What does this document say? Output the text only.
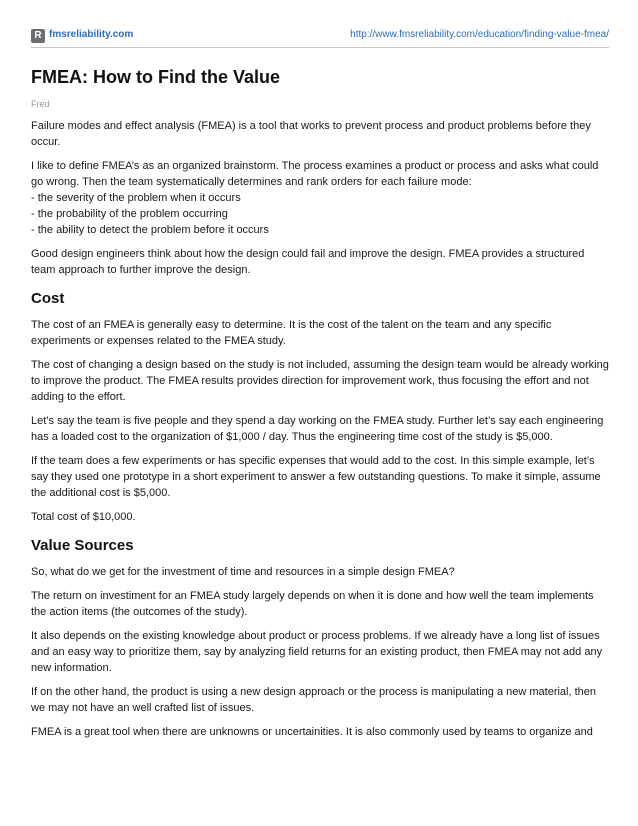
R fmsreliability.com	http://www.fmsreliability.com/education/finding-value-fmea/
FMEA: How to Find the Value
Fred

Failure modes and effect analysis (FMEA) is a tool that works to prevent process and product problems before they occur.

I like to define FMEA’s as an organized brainstorm. The process examines a product or process and asks what could go wrong. Then the team systematically determines and rank orders for each failure mode:
- the severity of the problem when it occurs
- the probability of the problem occurring
- the ability to detect the problem before it occurs

Good design engineers think about how the design could fail and improve the design. FMEA provides a structured team approach to further improve the design.

Cost

The cost of an FMEA is generally easy to determine. It is the cost of the talent on the team and any specific experiments or expenses related to the FMEA study.

The cost of changing a design based on the study is not included, assuming the design team would be already working to improve the product. The FMEA results provides direction for improvement work, thus focusing the effort and not adding to the effort.

Let’s say the team is five people and they spend a day working on the FMEA study. Further let’s say each engineering has a loaded cost to the organization of $1,000 / day. Thus the engineering time cost of the study is $5,000.

If the team does a few experiments or has specific expenses that would add to the cost. In this simple example, let’s say they used one prototype in a short experiment to answer a few outstanding questions. To make it simple, assume the additional cost is $5,000.

Total cost of $10,000.

Value Sources

So, what do we get for the investment of time and resources in a simple design FMEA?

The return on investiment for an FMEA study largely depends on when it is done and how well the team implements the action items (the outcomes of the study).

It also depends on the existing knowledge about product or process problems. If we already have a long list of issues and an easy way to prioritize them, say by analyzing field returns for an existing product, then FMEA may not add any new information.

If on the other hand, the product is using a new design approach or the process is manipulating a new material, then we may not have an well crafted list of issues.

FMEA is a great tool when there are unknowns or uncertainities. It is also commonly used by teams to organize and
